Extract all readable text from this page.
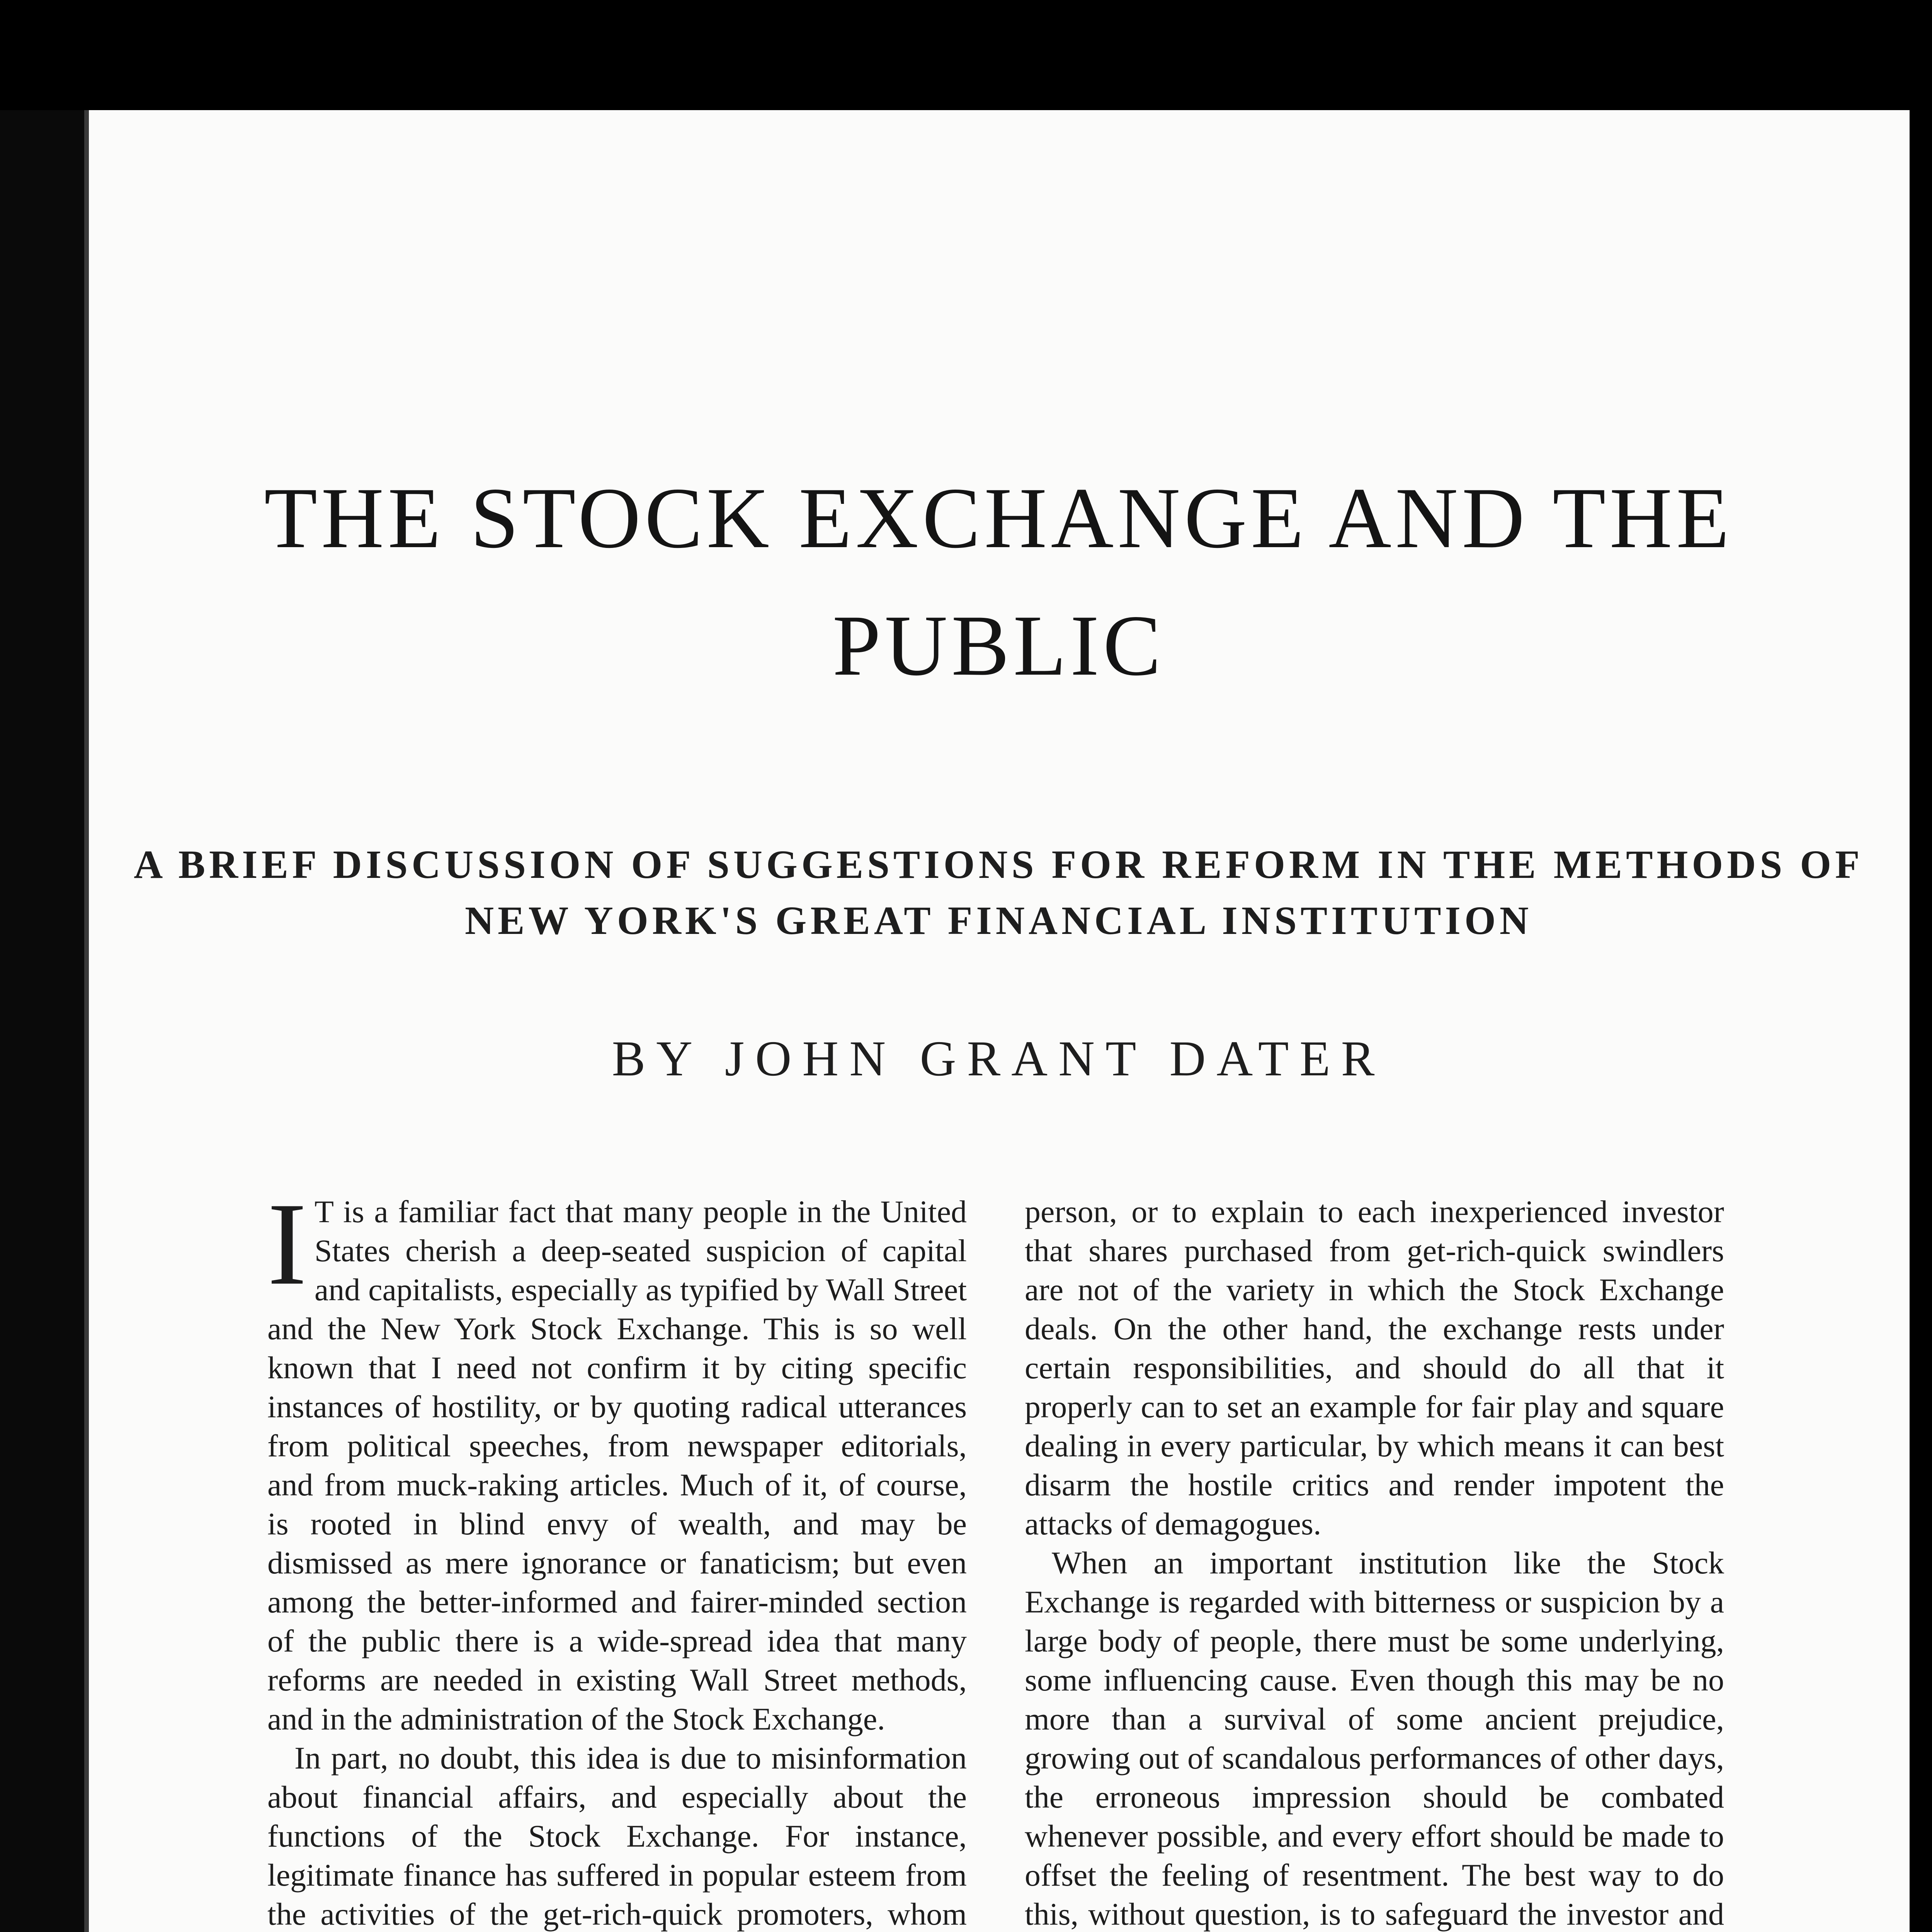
THE STOCK EXCHANGE AND THE PUBLIC
A BRIEF DISCUSSION OF SUGGESTIONS FOR REFORM IN THE METHODS OF NEW YORK'S GREAT FINANCIAL INSTITUTION
BY JOHN GRANT DATER

I T is a familiar fact that many people in the United States cherish a deep-seated suspicion of capital and capitalists, especially as typified by Wall Street and the New York Stock Exchange. This is so well known that I need not confirm it by citing specific instances of hostility, or by quoting radical utterances from political speeches, from newspaper editorials, and from muck-raking articles. Much of it, of course, is rooted in blind envy of wealth, and may be dismissed as mere ignorance or fanaticism; but even among the better-informed and fairer-minded section of the public there is a wide-spread idea that many reforms are needed in existing Wall Street methods, and in the administration of the Stock Exchange.

In part, no doubt, this idea is due to misinformation about financial affairs, and especially about the functions of the Stock Exchange. For instance, legitimate finance has suffered in popular esteem from the activities of the get-rich-quick promoters, whom

person, or to explain to each inexperienced investor that shares purchased from get-rich-quick swindlers are not of the variety in which the Stock Exchange deals. On the other hand, the exchange rests under certain responsibilities, and should do all that it properly can to set an example for fair play and square dealing in every particular, by which means it can best disarm the hostile critics and render impotent the attacks of demagogues.

When an important institution like the Stock Exchange is regarded with bitterness or suspicion by a large body of people, there must be some underlying, some influencing cause. Even though this may be no more than a survival of some ancient prejudice, growing out of scandalous performances of other days, the erroneous impression should be combated whenever possible, and every effort should be made to offset the feeling of resentment. The best way to do this, without question, is to safeguard the investor and
